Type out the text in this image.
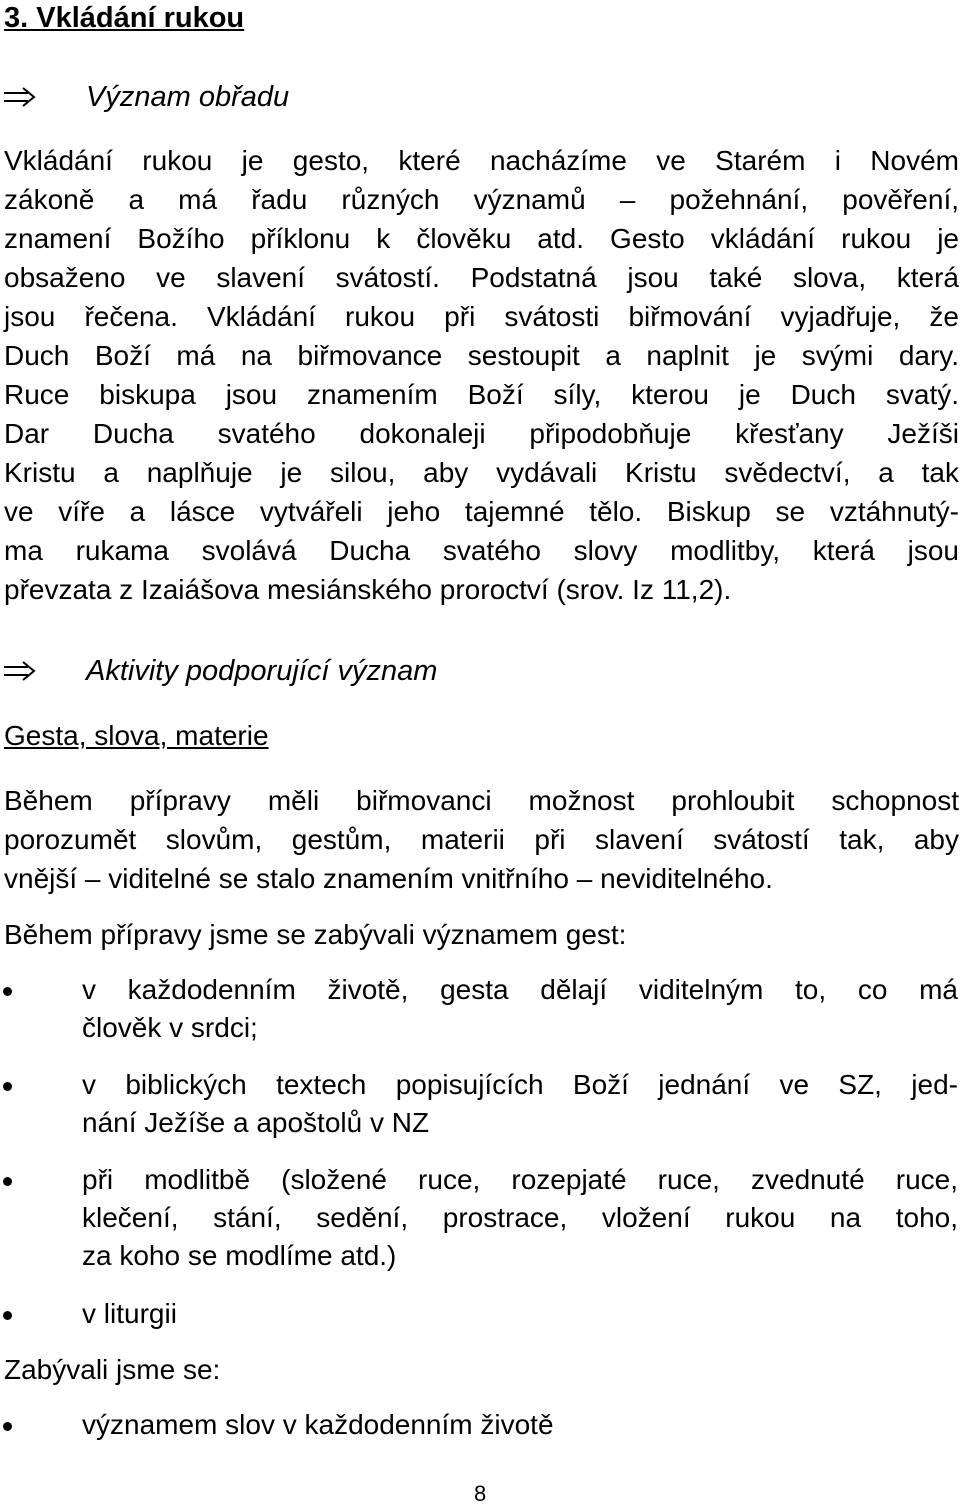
3. Vkládání rukou
Význam obřadu
Vkládání rukou je gesto, které nacházíme ve Starém i Novém
zákoně a má řadu různých významů – požehnání, pověření,
znamení Božího příklonu k člověku atd. Gesto vkládání rukou je
obsaženo ve slavení svátostí. Podstatná jsou také slova, která
jsou řečena. Vkládání rukou při svátosti biřmování vyjadřuje, že
Duch Boží má na biřmovance sestoupit a naplnit je svými dary.
Ruce biskupa jsou znamením Boží síly, kterou je Duch svatý.
Dar Ducha svatého dokonaleji připodobňuje křesťany Ježíši
Kristu a naplňuje je silou, aby vydávali Kristu svědectví, a tak
ve víře a lásce vytvářeli jeho tajemné tělo. Biskup se vztáhnutý-
ma rukama svolává Ducha svatého slovy modlitby, která jsou
převzata z Izaiášova mesiánského proroctví (srov. Iz 11,2).
Aktivity podporující význam
Gesta, slova, materie
Během přípravy měli biřmovanci možnost prohloubit schopnost
porozumět slovům, gestům, materii při slavení svátostí tak, aby
vnější – viditelné se stalo znamením vnitřního – neviditelného.
Během přípravy jsme se zabývali významem gest:
v každodenním životě, gesta dělají viditelným to, co má
člověk v srdci;
v biblických textech popisujících Boží jednání ve SZ, jed-
nání Ježíše a apoštolů v NZ
při modlitbě (složené ruce, rozepjaté ruce, zvednuté ruce,
klečení, stání, sedění, prostrace, vložení rukou na toho,
za koho se modlíme atd.)
v liturgii
Zabývali jsme se:
významem slov v každodenním životě
8
